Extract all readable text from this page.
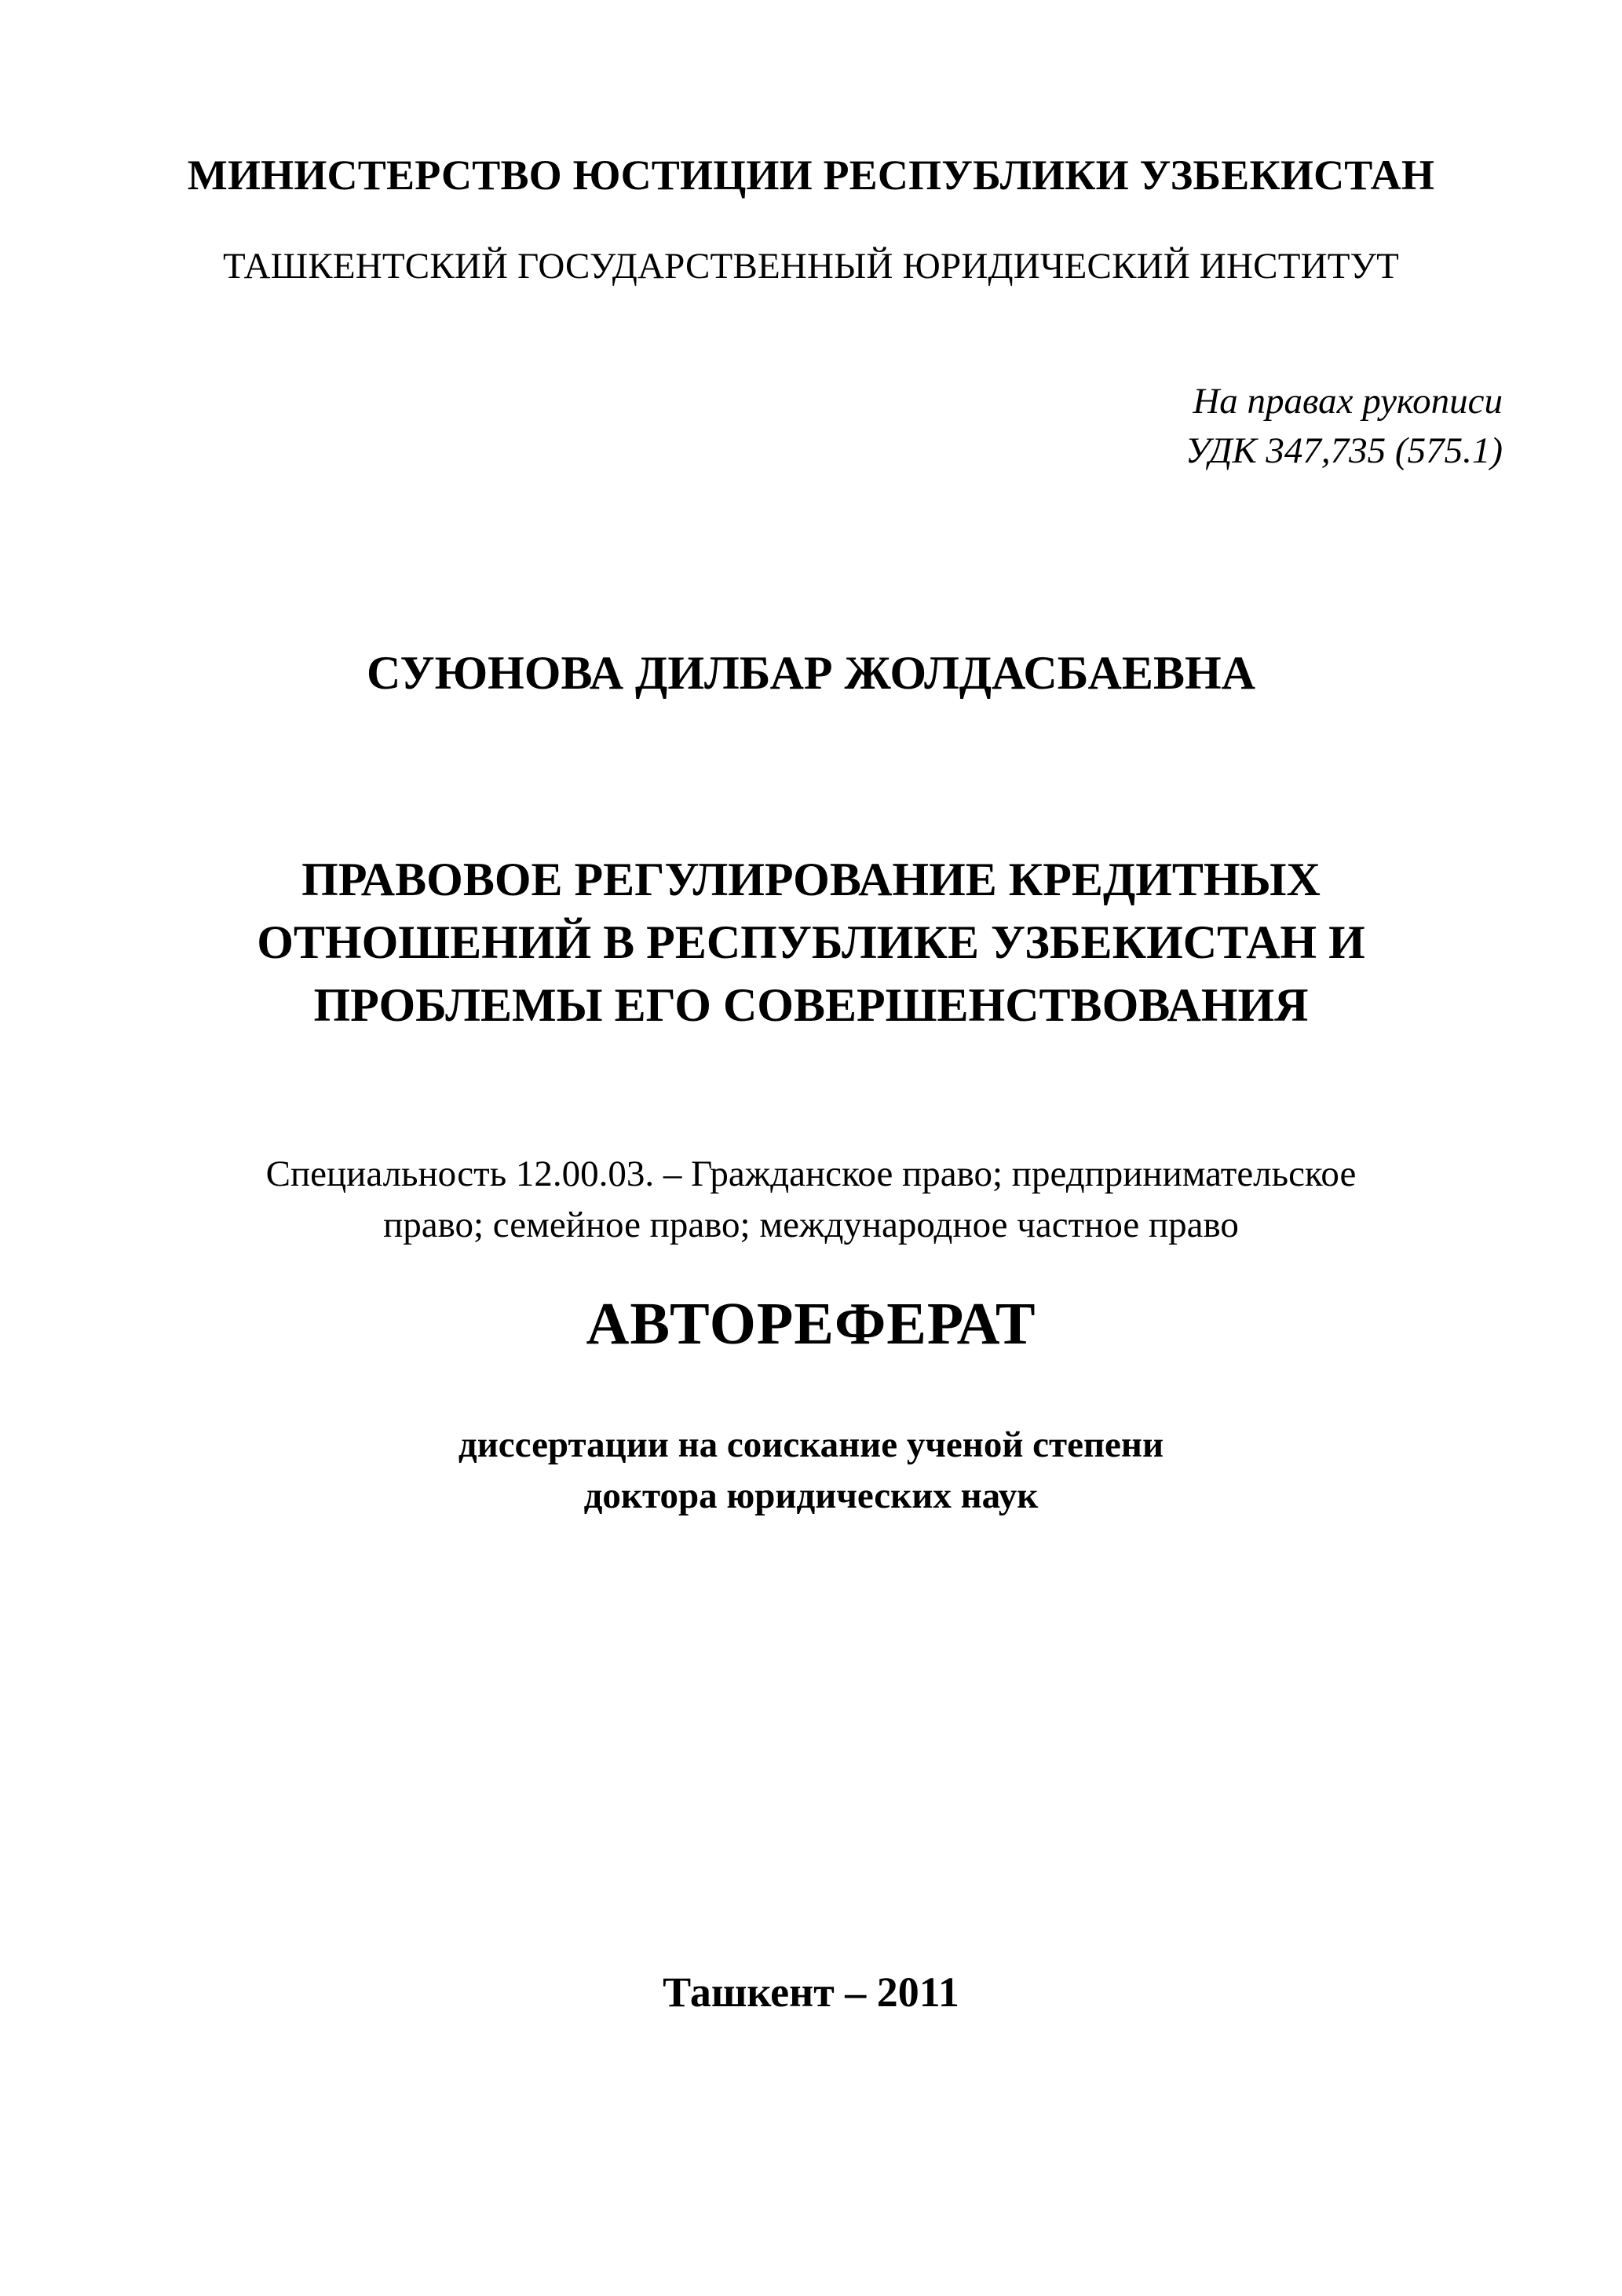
МИНИСТЕРСТВО ЮСТИЦИИ РЕСПУБЛИКИ УЗБЕКИСТАН
ТАШКЕНТСКИЙ ГОСУДАРСТВЕННЫЙ ЮРИДИЧЕСКИЙ ИНСТИТУТ
На правах рукописи
УДК 347,735 (575.1)
СУЮНОВА ДИЛБАР ЖОЛДАСБАЕВНА
ПРАВОВОЕ РЕГУЛИРОВАНИЕ КРЕДИТНЫХ
ОТНОШЕНИЙ В РЕСПУБЛИКЕ УЗБЕКИСТАН И
ПРОБЛЕМЫ ЕГО СОВЕРШЕНСТВОВАНИЯ
Специальность 12.00.03. – Гражданское право; предпринимательское
право; семейное право; международное частное право
АВТОРЕФЕРАТ
диссертации на соискание ученой степени
доктора юридических наук
Ташкент – 2011
